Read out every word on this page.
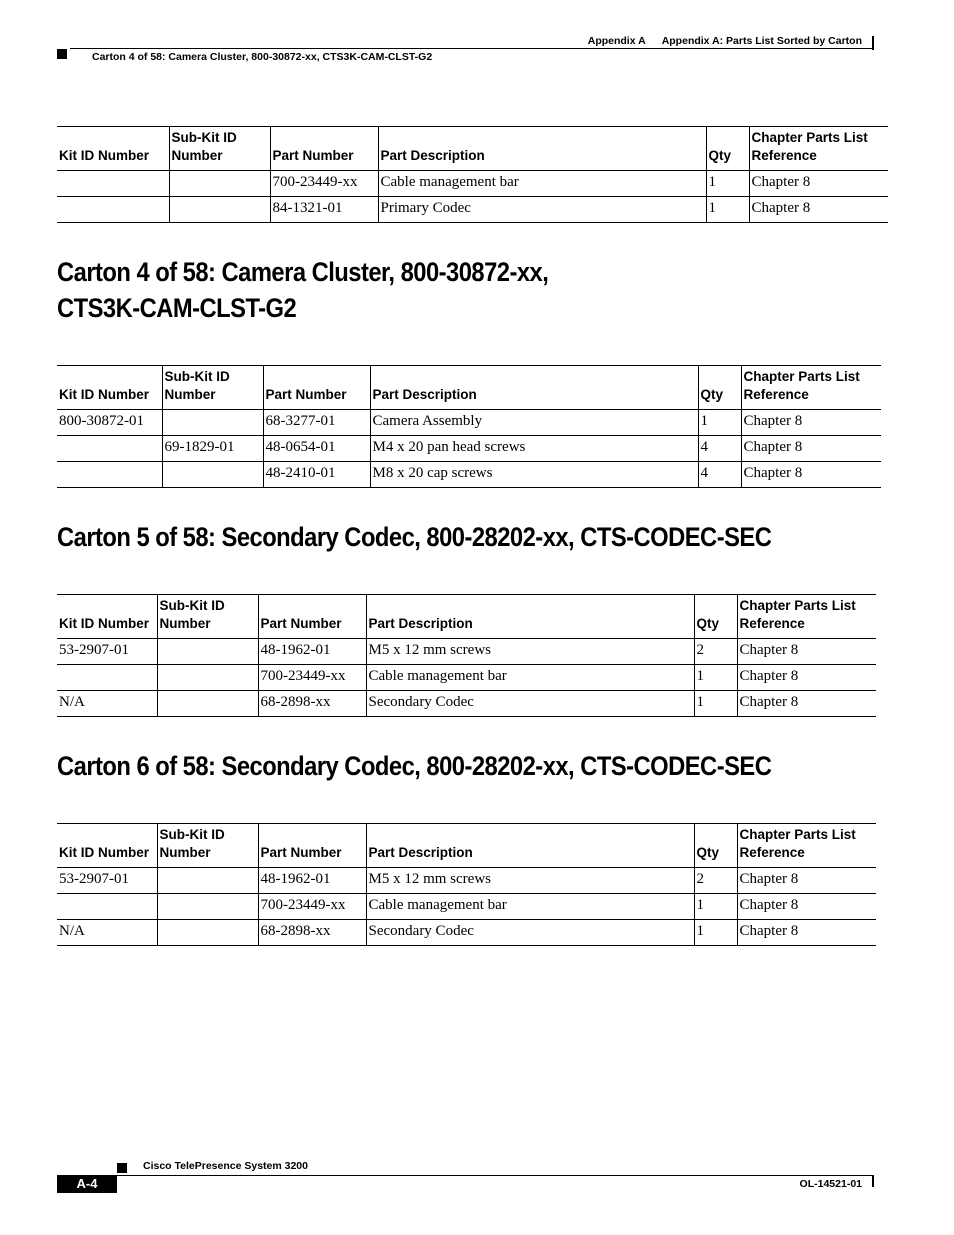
Appendix A Appendix A: Parts List Sorted by Carton
Carton 4 of 58: Camera Cluster, 800-30872-xx, CTS3K-CAM-CLST-G2
Kit ID Number	Sub-Kit ID Number	Part Number	Part Description	Qty	Chapter Parts List Reference
		700-23449-xx	Cable management bar	1	Chapter 8
		84-1321-01	Primary Codec	1	Chapter 8
Carton 4 of 58: Camera Cluster, 800-30872-xx,
CTS3K-CAM-CLST-G2
Kit ID Number	Sub-Kit ID Number	Part Number	Part Description	Qty	Chapter Parts List Reference
800-30872-01		68-3277-01	Camera Assembly	1	Chapter 8
	69-1829-01	48-0654-01	M4 x 20 pan head screws	4	Chapter 8
		48-2410-01	M8 x 20 cap screws	4	Chapter 8
Carton 5 of 58: Secondary Codec, 800-28202-xx, CTS-CODEC-SEC
Kit ID Number	Sub-Kit ID Number	Part Number	Part Description	Qty	Chapter Parts List Reference
53-2907-01		48-1962-01	M5 x 12 mm screws	2	Chapter 8
		700-23449-xx	Cable management bar	1	Chapter 8
N/A		68-2898-xx	Secondary Codec	1	Chapter 8
Carton 6 of 58: Secondary Codec, 800-28202-xx, CTS-CODEC-SEC
Kit ID Number	Sub-Kit ID Number	Part Number	Part Description	Qty	Chapter Parts List Reference
53-2907-01		48-1962-01	M5 x 12 mm screws	2	Chapter 8
		700-23449-xx	Cable management bar	1	Chapter 8
N/A		68-2898-xx	Secondary Codec	1	Chapter 8
Cisco TelePresence System 3200
A-4	OL-14521-01
